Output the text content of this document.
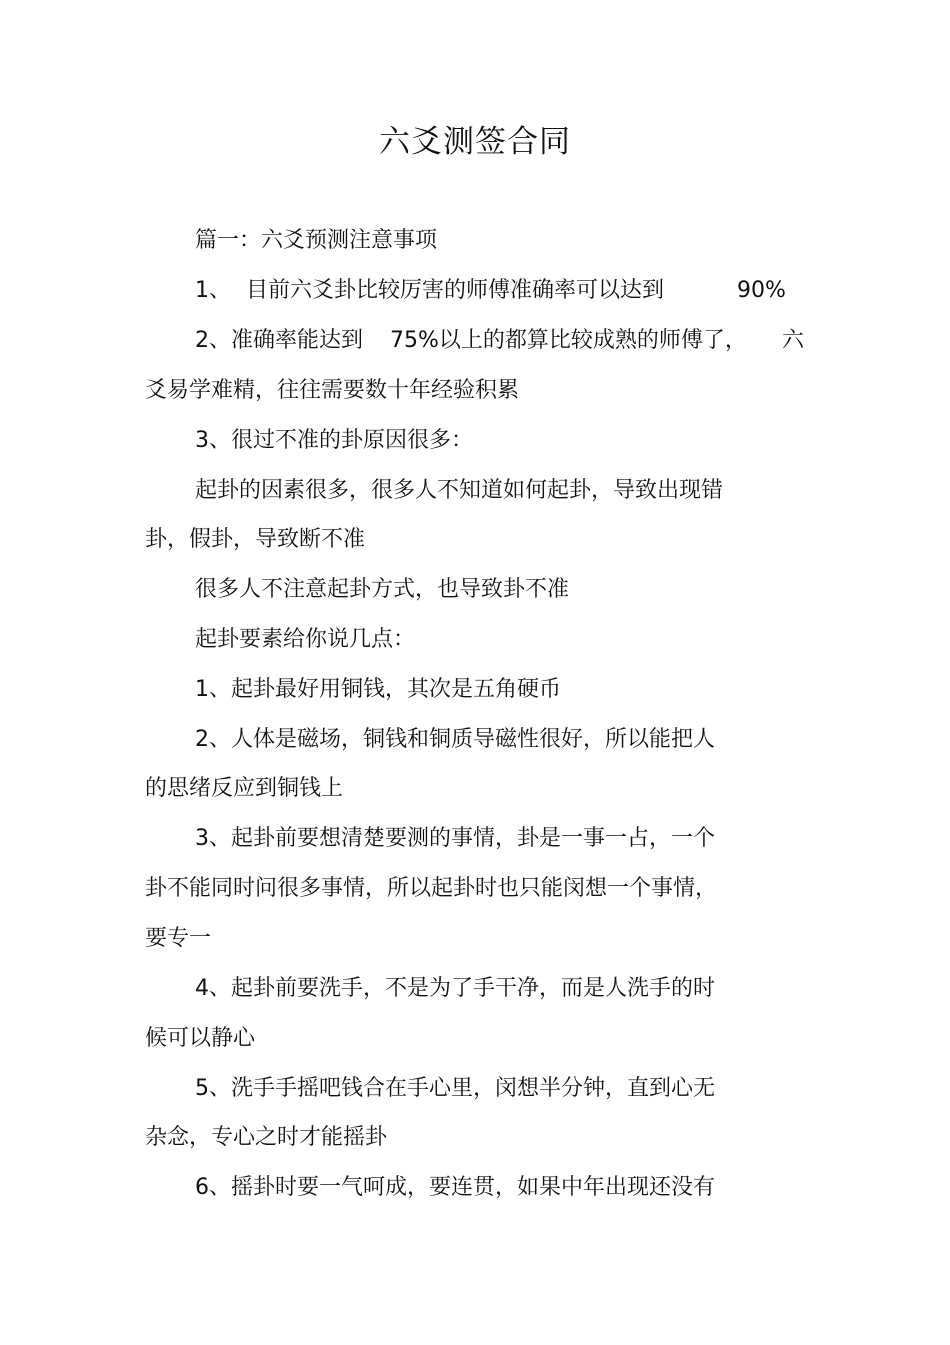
六爻测签合同
篇一：六爻预测注意事项
1、 目前六爻卦比较厉害的师傅准确率可以达到	90%
2、准确率能达到 75%以上的都算比较成熟的师傅了， 六
爻易学难精，往往需要数十年经验积累
3、很过不准的卦原因很多：
起卦的因素很多，很多人不知道如何起卦，导致出现错
卦，假卦，导致断不准
很多人不注意起卦方式，也导致卦不准
起卦要素给你说几点：
1、起卦最好用铜钱，其次是五角硬币
2、人体是磁场，铜钱和铜质导磁性很好，所以能把人
的思绪反应到铜钱上
3、起卦前要想清楚要测的事情，卦是一事一占，一个
卦不能同时问很多事情，所以起卦时也只能闵想一个事情，
要专一
4、起卦前要洗手，不是为了手干净，而是人洗手的时
候可以静心
5、洗手手摇吧钱合在手心里，闵想半分钟，直到心无
杂念，专心之时才能摇卦
6、摇卦时要一气呵成，要连贯，如果中年出现还没有
